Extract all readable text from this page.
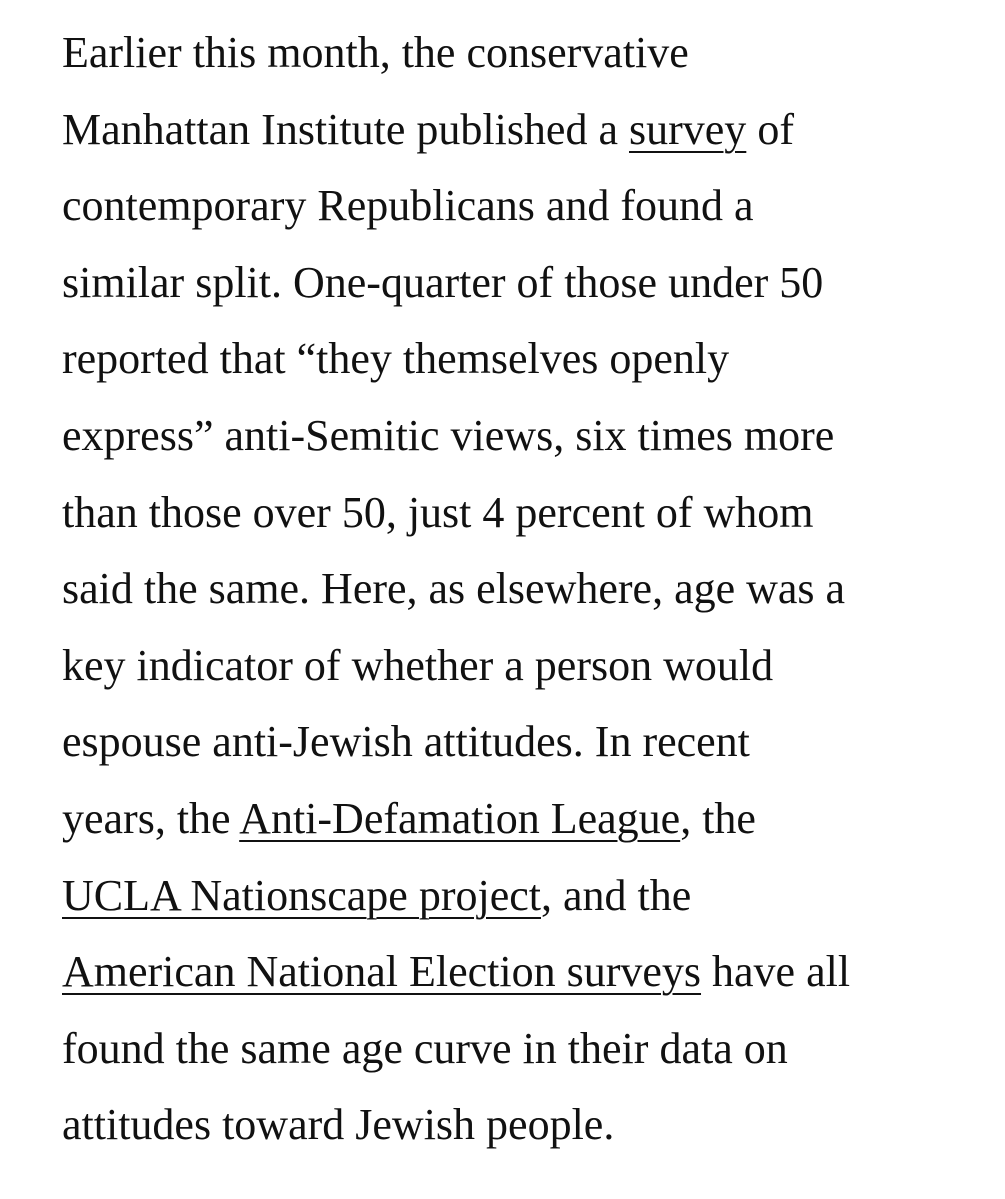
Earlier this month, the conservative
Manhattan Institute published a survey of
contemporary Republicans and found a
similar split. One-quarter of those under 50
reported that “they themselves openly
express” anti-Semitic views, six times more
than those over 50, just 4 percent of whom
said the same. Here, as elsewhere, age was a
key indicator of whether a person would
espouse anti-Jewish attitudes. In recent
years, the Anti-Defamation League, the
UCLA Nationscape project, and the
American National Election surveys have all
found the same age curve in their data on
attitudes toward Jewish people.
